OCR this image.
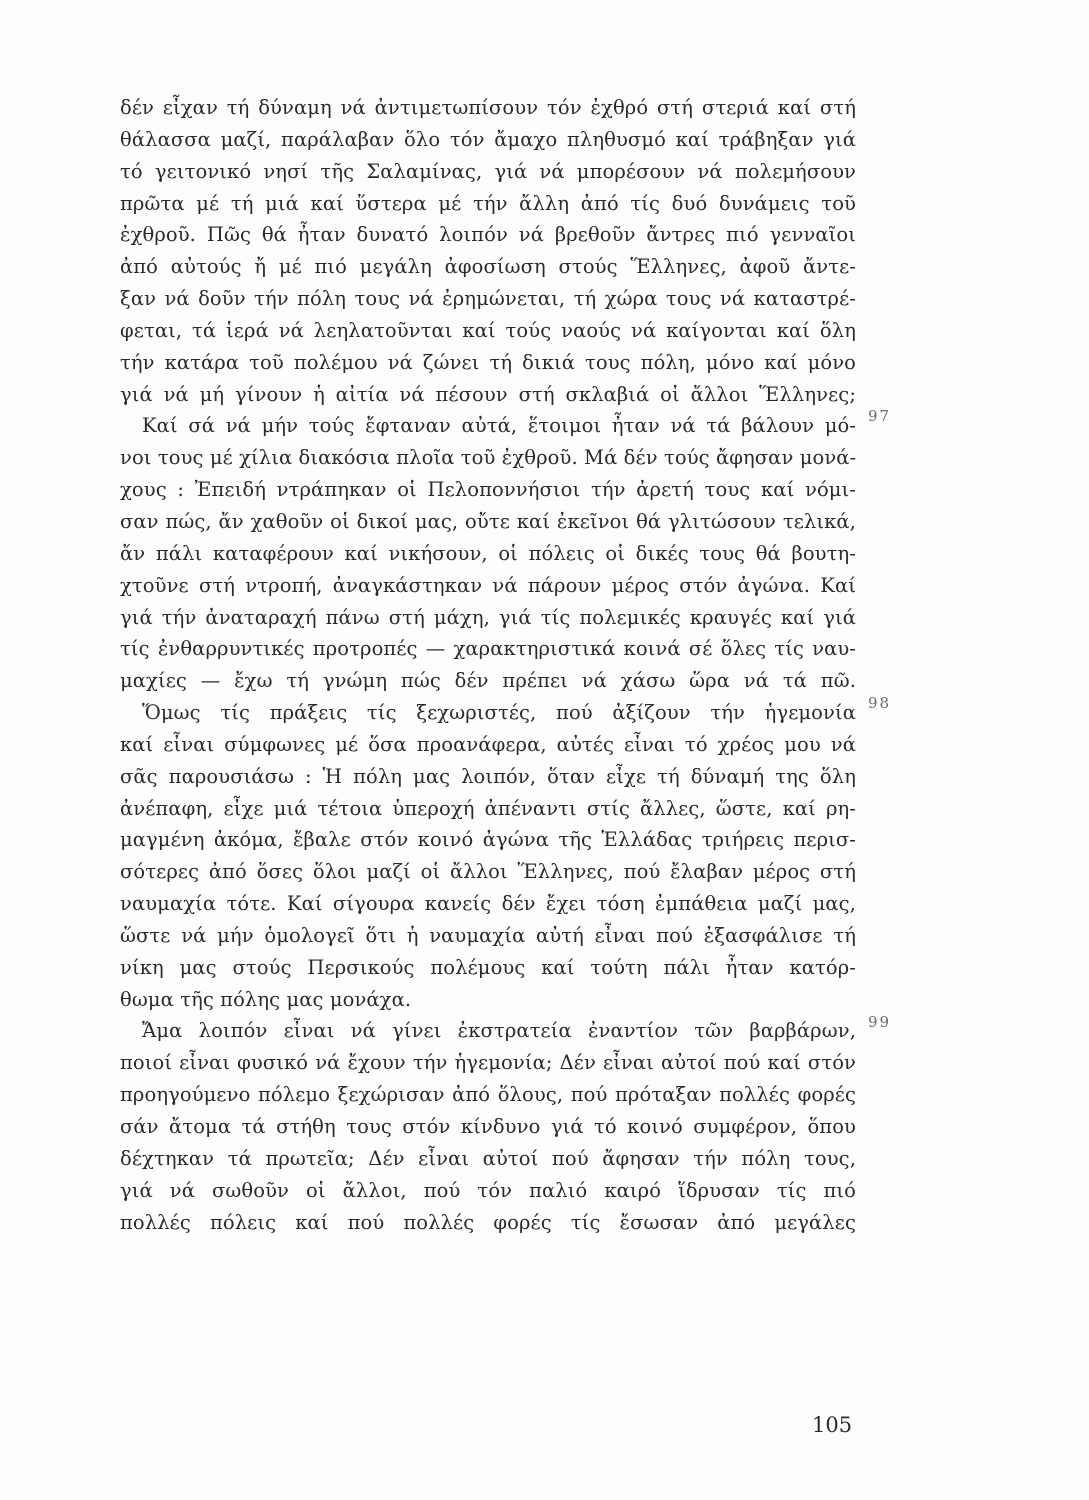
δέν εἶχαν τή δύναμη νά ἀντιμετωπίσουν τόν ἐχθρό στή στεριά καί στή
θάλασσα μαζί, παράλαβαν ὅλο τόν ἄμαχο πληθυσμό καί τράβηξαν γιά
τό γειτονικό νησί τῆς Σαλαμίνας, γιά νά μπορέσουν νά πολεμήσουν
πρῶτα μέ τή μιά καί ὕστερα μέ τήν ἄλλη ἀπό τίς δυό δυνάμεις τοῦ
ἐχθροῦ. Πῶς θά ἦταν δυνατό λοιπόν νά βρεθοῦν ἄντρες πιό γενναῖοι
ἀπό αὐτούς ἤ μέ πιό μεγάλη ἀφοσίωση στούς Ἕλληνες, ἀφοῦ ἄντε-
ξαν νά δοῦν τήν πόλη τους νά ἐρημώνεται, τή χώρα τους νά καταστρέ-
φεται, τά ἱερά νά λεηλατοῦνται καί τούς ναούς νά καίγονται καί ὅλη
τήν κατάρα τοῦ πολέμου νά ζώνει τή δικιά τους πόλη, μόνο καί μόνο
γιά νά μή γίνουν ἡ αἰτία νά πέσουν στή σκλαβιά οἱ ἄλλοι Ἕλληνες;
Καί σά νά μήν τούς ἔφταναν αὐτά, ἕτοιμοι ἦταν νά τά βάλουν μό-
νοι τους μέ χίλια διακόσια πλοῖα τοῦ ἐχθροῦ. Μά δέν τούς ἄφησαν μονά-
χους : Ἐπειδή ντράπηκαν οἱ Πελοποννήσιοι τήν ἀρετή τους καί νόμι-
σαν πώς, ἄν χαθοῦν οἱ δικοί μας, οὔτε καί ἐκεῖνοι θά γλιτώσουν τελικά,
ἄν πάλι καταφέρουν καί νικήσουν, οἱ πόλεις οἱ δικές τους θά βουτη-
χτοῦνε στή ντροπή, ἀναγκάστηκαν νά πάρουν μέρος στόν ἀγώνα. Καί
γιά τήν ἀναταραχή πάνω στή μάχη, γιά τίς πολεμικές κραυγές καί γιά
τίς ἐνθαρρυντικές προτροπές — χαρακτηριστικά κοινά σέ ὅλες τίς ναυ-
μαχίες — ἔχω τή γνώμη πώς δέν πρέπει νά χάσω ὥρα νά τά πῶ.
Ὅμως τίς πράξεις τίς ξεχωριστές, πού ἀξίζουν τήν ἡγεμονία
καί εἶναι σύμφωνες μέ ὅσα προανάφερα, αὐτές εἶναι τό χρέος μου νά
σᾶς παρουσιάσω : Ἡ πόλη μας λοιπόν, ὅταν εἶχε τή δύναμή της ὅλη
ἀνέπαφη, εἶχε μιά τέτοια ὑπεροχή ἀπέναντι στίς ἄλλες, ὥστε, καί ρη-
μαγμένη ἀκόμα, ἔβαλε στόν κοινό ἀγώνα τῆς Ἑλλάδας τριήρεις περισ-
σότερες ἀπό ὅσες ὅλοι μαζί οἱ ἄλλοι Ἕλληνες, πού ἔλαβαν μέρος στή
ναυμαχία τότε. Καί σίγουρα κανείς δέν ἔχει τόση ἐμπάθεια μαζί μας,
ὥστε νά μήν ὁμολογεῖ ὅτι ἡ ναυμαχία αὐτή εἶναι πού ἐξασφάλισε τή
νίκη μας στούς Περσικούς πολέμους καί τούτη πάλι ἦταν κατόρ-
θωμα τῆς πόλης μας μονάχα.
Ἄμα λοιπόν εἶναι νά γίνει ἐκστρατεία ἐναντίον τῶν βαρβάρων,
ποιοί εἶναι φυσικό νά ἔχουν τήν ἡγεμονία; Δέν εἶναι αὐτοί πού καί στόν
προηγούμενο πόλεμο ξεχώρισαν ἀπό ὅλους, πού πρόταξαν πολλές φορές
σάν ἄτομα τά στήθη τους στόν κίνδυνο γιά τό κοινό συμφέρον, ὅπου
δέχτηκαν τά πρωτεῖα; Δέν εἶναι αὐτοί πού ἄφησαν τήν πόλη τους,
γιά νά σωθοῦν οἱ ἄλλοι, πού τόν παλιό καιρό ἵδρυσαν τίς πιό
πολλές πόλεις καί πού πολλές φορές τίς ἔσωσαν ἀπό μεγάλες
97
98
99
105
